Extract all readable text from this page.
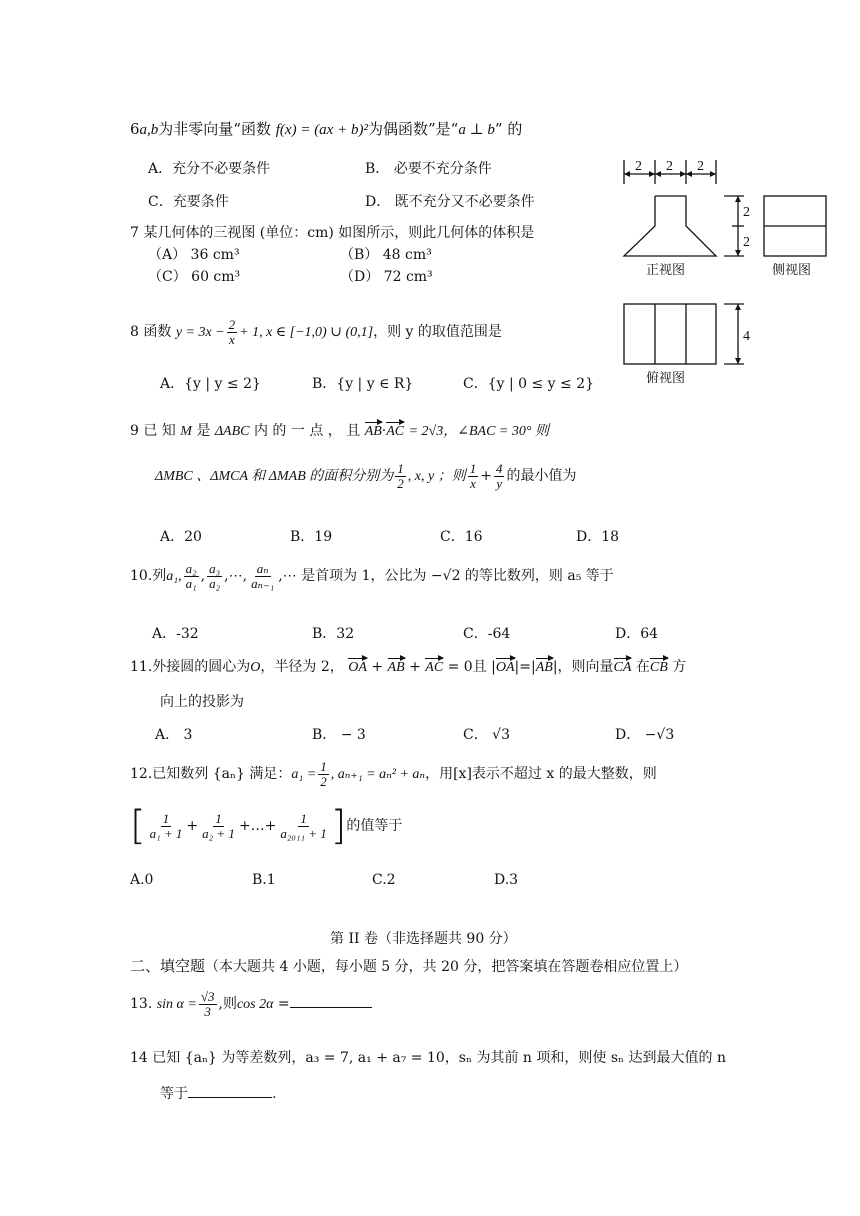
6a,b为非零向量“函数 f(x) = (ax + b)²为偶函数”是“a ⊥ b” 的
A．充分不必要条件	B． 必要不充分条件
C．充要条件	D． 既不充分又不必要条件
7 某几何体的三视图 (单位：cm) 如图所示，则此几何体的体积是
（A） 36 cm³	（B） 48 cm³
（C） 60 cm³	（D） 72 cm³
2 2 2
2
2
4
正视图	侧视图
俯视图
8 函数 $y = 3x - \frac{2}{x} + 1$, x ∈ [−1,0) ∪ (0,1]，则 y 的取值范围是
A．{y | y ≤ 2}	B．{y | y ∈ R}	C．{y | 0 ≤ y ≤ 2}
9 已 知 M 是 ΔABC 内 的 一 点 ， 且 AB·AC = 2√3，∠BAC = 30° 则
ΔMBC 、ΔMCA 和 ΔMAB 的面积分别为 $\frac{1}{2}$ , x, y ；则 $\frac{1}{x} + \frac{4}{y}$ 的最小值为
A．20	B．19	C．16	D．18
10.列a₁, $\frac{\text{a₂}}{\text{a₁}}$ , $\frac{\text{a₃}}{\text{a₂}}$ ,⋯, $\frac{\text{aₙ}}{\text{aₙ₋₁}}$ ,⋯ 是首项为 1，公比为 −√2 的等比数列，则 a₅ 等于
A．-32	B．32	C．-64	D．64
11.外接圆的圆心为O，半径为 2， OA + AB + AC = 0且 |OA|=|AB|，则向量CA 在CB 方
向上的投影为
A． 3	B． − 3	C． √3	D． −√3
12.已知数列 {aₙ} 满足：$a_1 = \frac{1}{2}$ , aₙ₊₁ = aₙ² + aₙ，用[x]表示不超过 x 的最大整数，则
[ $\frac{1}{\text{a₁ + 1}} + \frac{1}{\text{a₂ + 1}}$ +…+ $\frac{1}{\text{a₂₀₁₁ + 1}}$ ]的值等于
A.0	B.1	C.2	D.3
第 II 卷（非选择题共 90 分）
二、填空题（本大题共 4 小题，每小题 5 分，共 20 分，把答案填在答题卷相应位置上）
13. $\sin \alpha = \frac{√3}{3}$ ,则cos 2α =
14 已知 {aₙ} 为等差数列，a₃ = 7, a₁ + a₇ = 10，sₙ 为其前 n 项和，则使 sₙ 达到最大值的 n
等于	.
